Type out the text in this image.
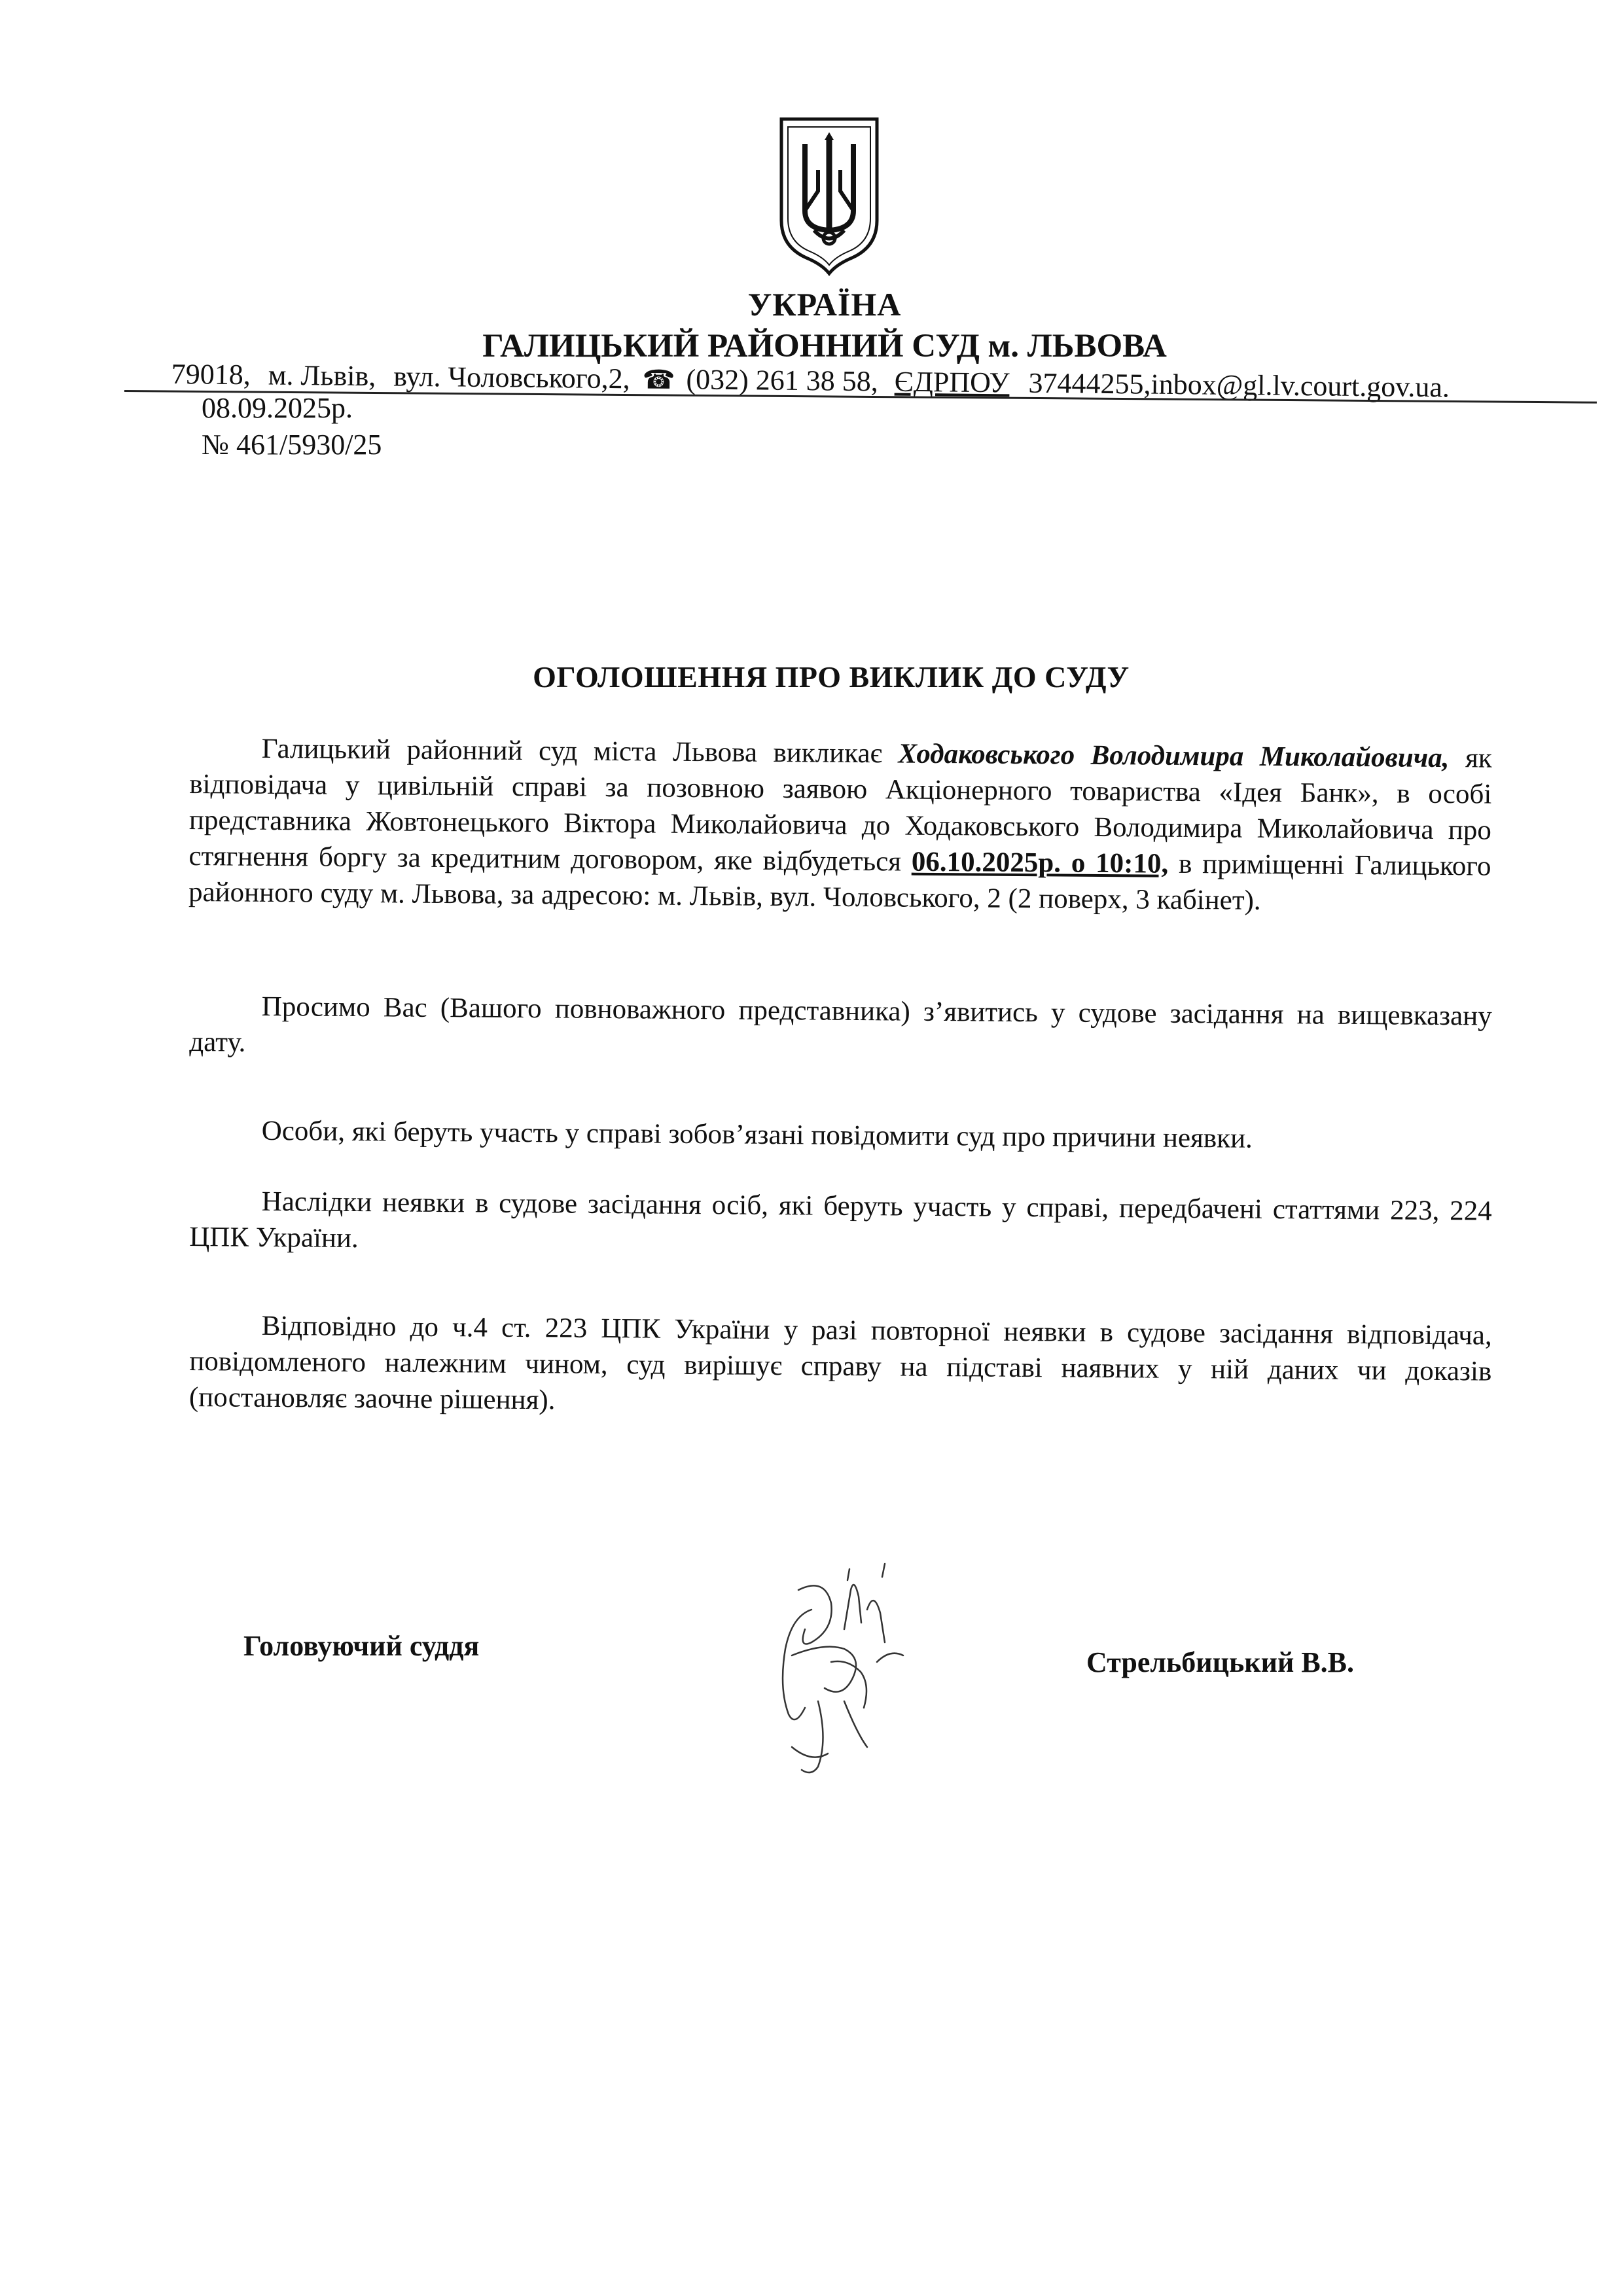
УКРАЇНА
ГАЛИЦЬКИЙ РАЙОННИЙ СУД м. ЛЬВОВА
79018, м. Львів, вул. Чоловського,2, ☎ (032) 261 38 58, ЄДРПОУ 37444255,inbox@gl.lv.court.gov.ua.
08.09.2025р.
№ 461/5930/25
ОГОЛОШЕННЯ ПРО ВИКЛИК ДО СУДУ
Галицький районний суд міста Львова викликає Ходаковського Володимира Миколайовича, як відповідача у цивільній справі за позовною заявою Акціонерного товариства «Ідея Банк», в особі представника Жовтонецького Віктора Миколайовича до Ходаковського Володимира Миколайовича про стягнення боргу за кредитним договором, яке відбудеться 06.10.2025р. о 10:10, в приміщенні Галицького районного суду м. Львова, за адресою: м. Львів, вул. Чоловського, 2 (2 поверх, 3 кабінет).
Просимо Вас (Вашого повноважного представника) з’явитись у судове засідання на вищевказану дату.
Особи, які беруть участь у справі зобов’язані повідомити суд про причини неявки.
Наслідки неявки в судове засідання осіб, які беруть участь у справі, передбачені статтями 223, 224 ЦПК України.
Відповідно до ч.4 ст. 223 ЦПК України у разі повторної неявки в судове засідання відповідача, повідомленого належним чином, суд вирішує справу на підставі наявних у ній даних чи доказів (постановляє заочне рішення).
Головуючий суддя
Стрельбицький В.В.
